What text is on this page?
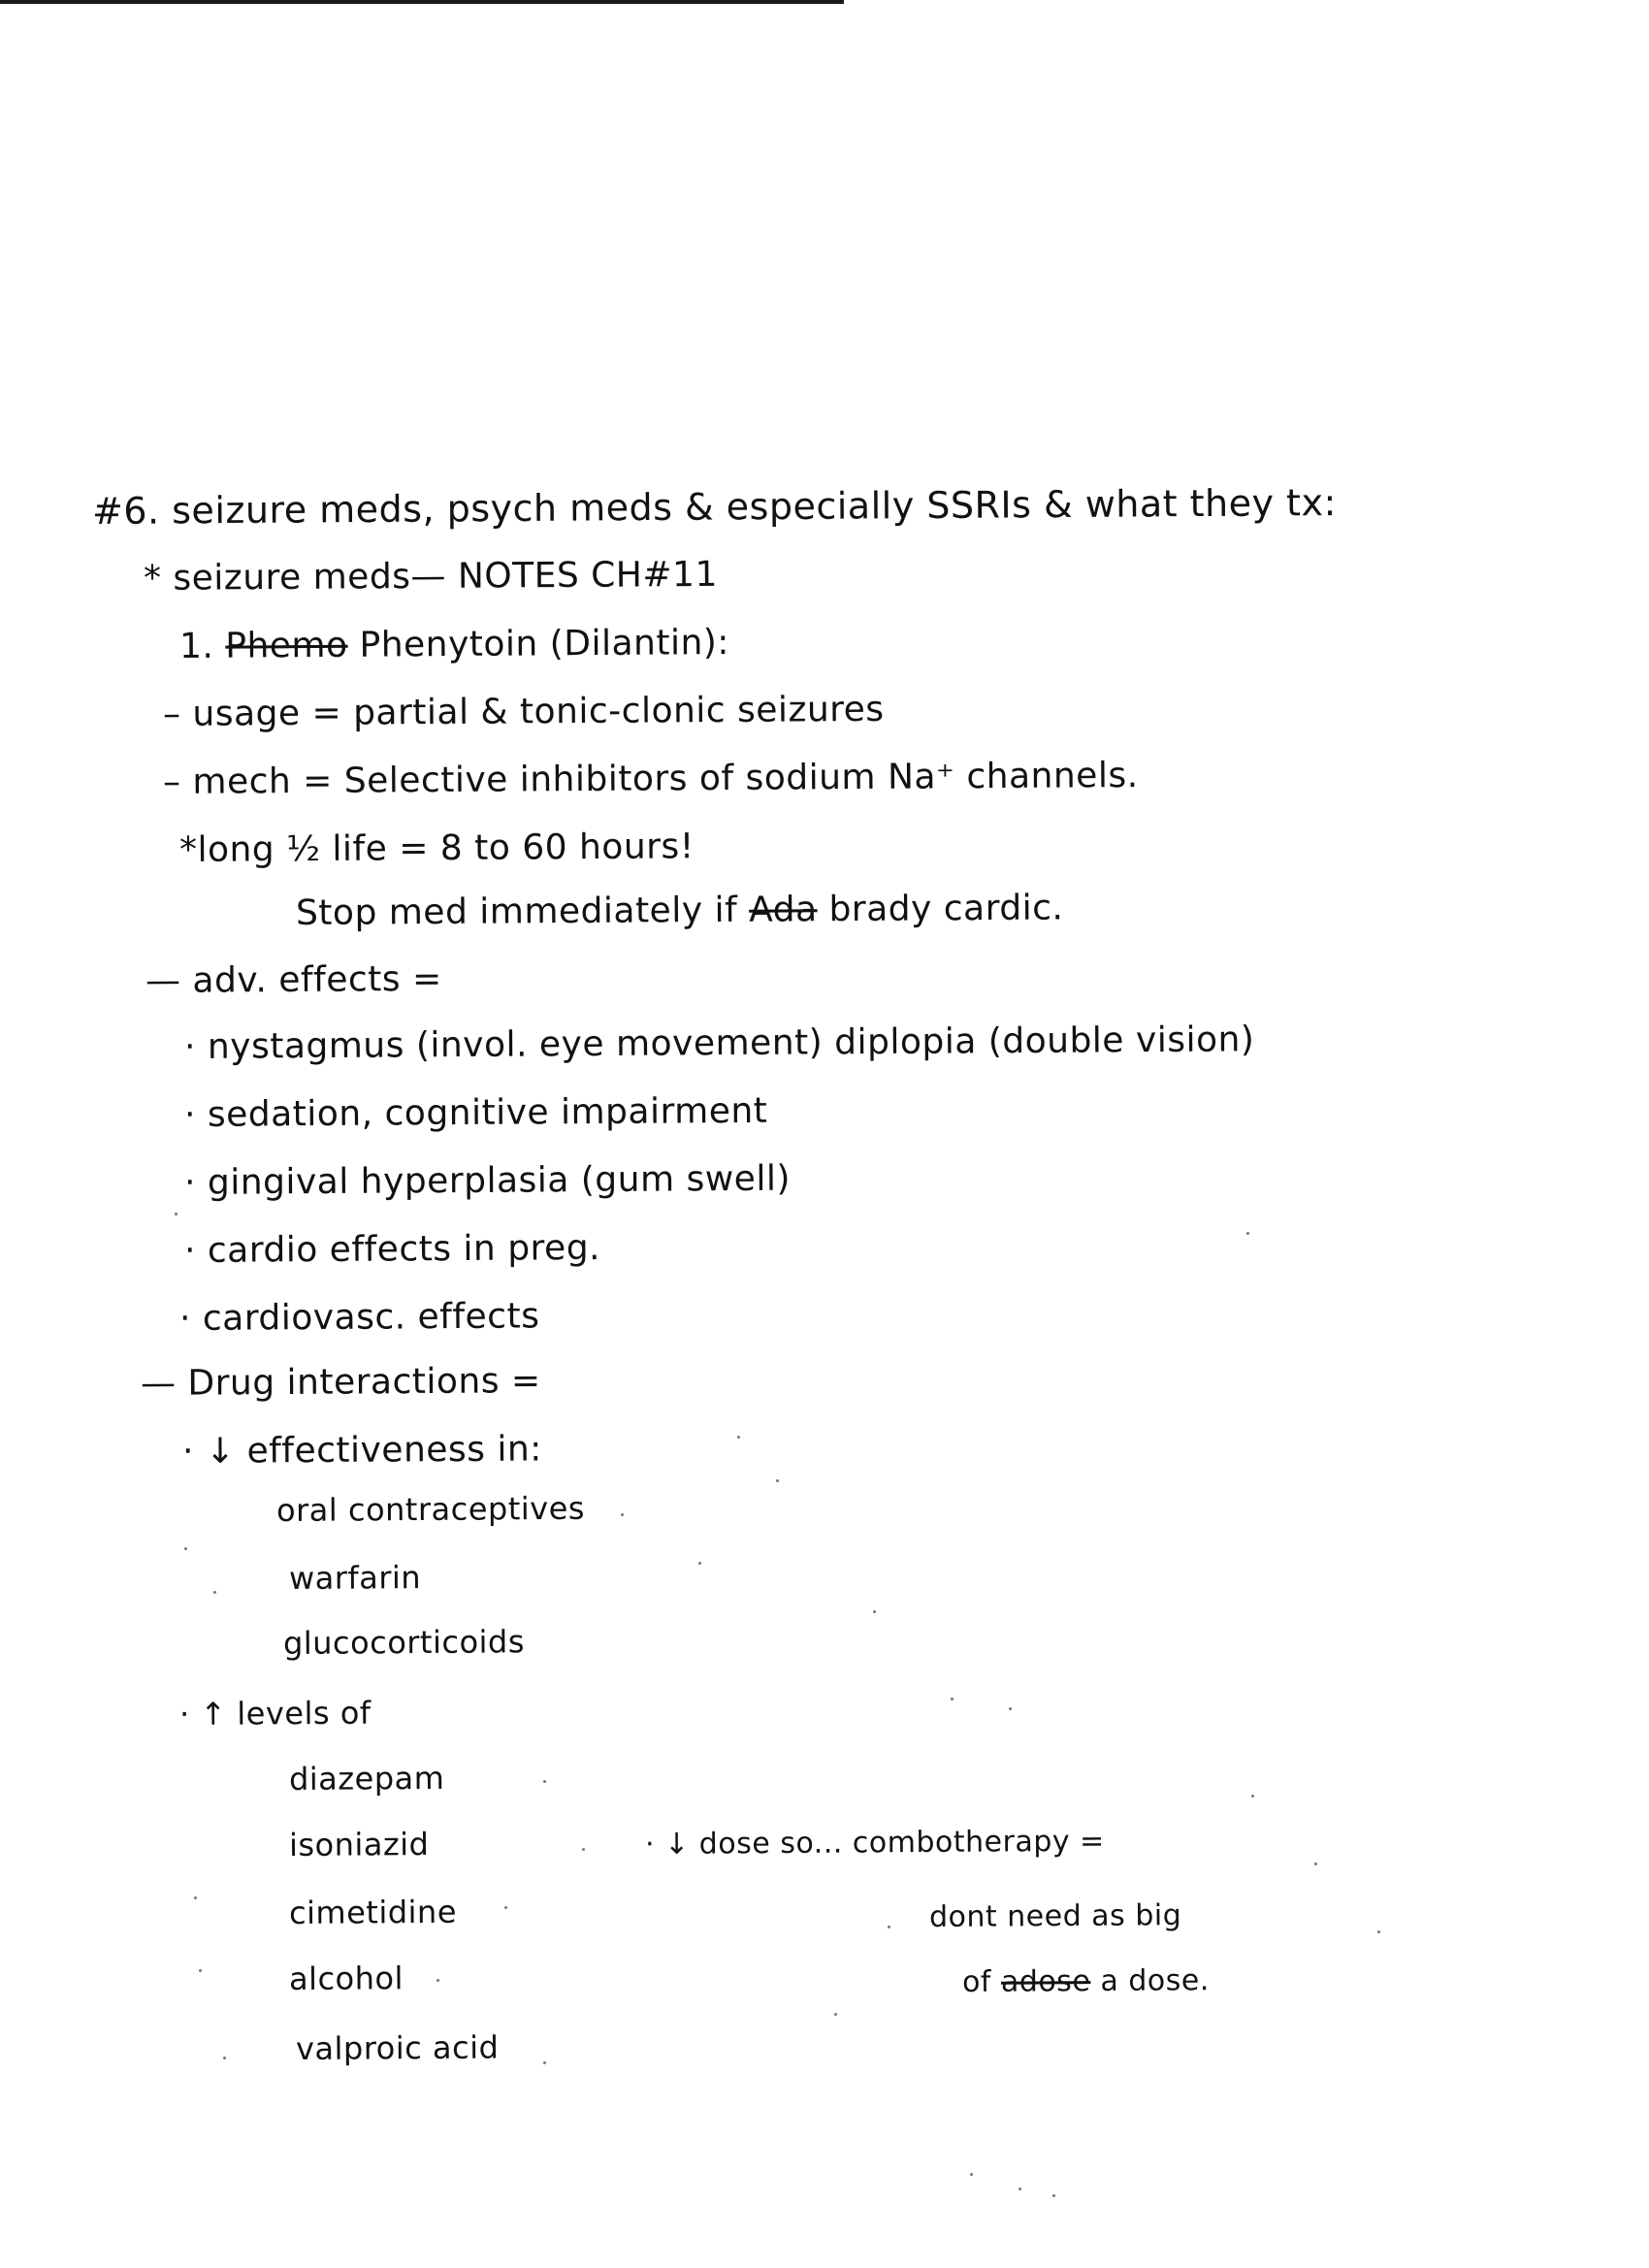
#6. seizure meds, psych meds & especially SSRIs & what they tx:
* seizure meds— NOTES CH#11
1. Phemo Phenytoin (Dilantin):
– usage = partial & tonic-clonic seizures
– mech = Selective inhibitors of sodium Na⁺ channels.
*long ½ life = 8 to 60 hours!
Stop med immediately if Ada brady cardic.
— adv. effects =
· nystagmus (invol. eye movement) diplopia (double vision)
· sedation, cognitive impairment
· gingival hyperplasia (gum swell)
· cardio effects in preg.
· cardiovasc. effects
— Drug interactions =
· ↓ effectiveness in:
oral contraceptives
warfarin
glucocorticoids
· ↑ levels of
diazepam
isoniazid
cimetidine
alcohol
valproic acid
· ↓ dose so... combotherapy =
dont need as big
of adose a dose.
